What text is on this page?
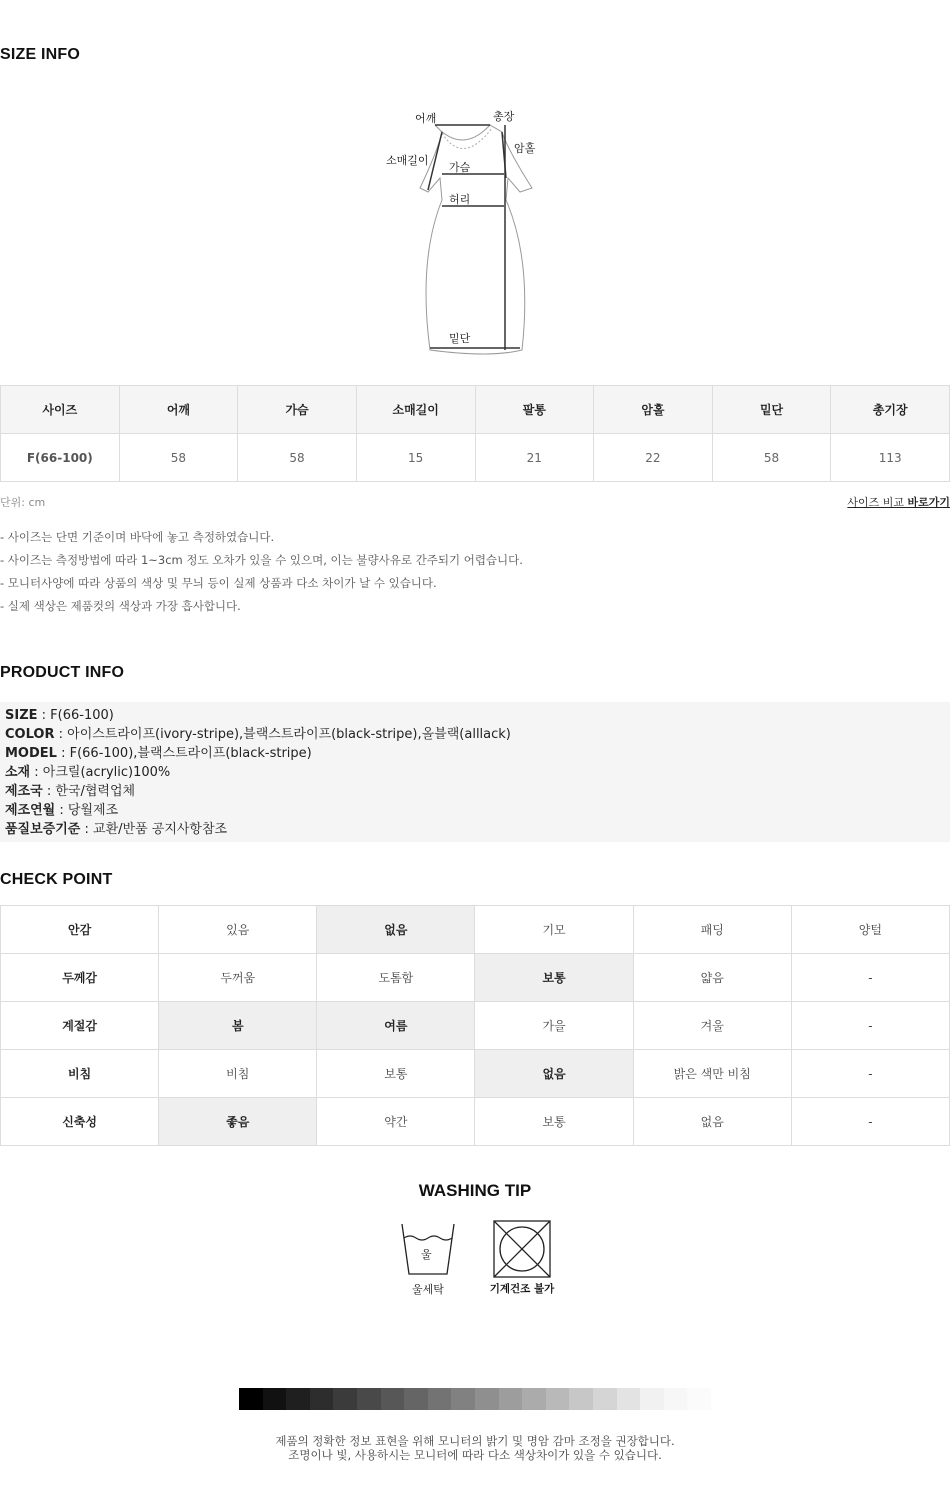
SIZE INFO
어깨	총장
암홀
소매길이
가슴
허리
밑단
사이즈	어깨	가슴	소매길이	팔통	암홀	밑단	총기장
F(66-100)	58	58	15	21	22	58	113
단위: cm	사이즈 비교 바로가기
- 사이즈는 단면 기준이며 바닥에 놓고 측정하였습니다.
- 사이즈는 측정방법에 따라 1~3cm 정도 오차가 있을 수 있으며, 이는 불량사유로 간주되기 어렵습니다.
- 모니터사양에 따라 상품의 색상 및 무늬 등이 실제 상품과 다소 차이가 날 수 있습니다.
- 실제 색상은 제품컷의 색상과 가장 흡사합니다.
PRODUCT INFO
SIZE : F(66-100)
COLOR : 아이스트라이프(ivory-stripe),블랙스트라이프(black-stripe),올블랙(alllack)
MODEL : F(66-100),블랙스트라이프(black-stripe)
소재 : 아크릴(acrylic)100%
제조국 : 한국/협력업체
제조연월 : 당월제조
품질보증기준 : 교환/반품 공지사항참조
CHECK POINT
안감	있음	없음	기모	패딩	양털
두께감	두꺼움	도톰함	보통	얇음	-
계절감	봄	여름	가을	겨울	-
비침	비침	보통	없음	밝은 색만 비침	-
신축성	좋음	약간	보통	없음	-
WASHING TIP
울
울세탁	기계건조 불가
제품의 정확한 정보 표현을 위해 모니터의 밝기 및 명암 감마 조정을 권장합니다.
조명이나 빛, 사용하시는 모니터에 따라 다소 색상차이가 있을 수 있습니다.
